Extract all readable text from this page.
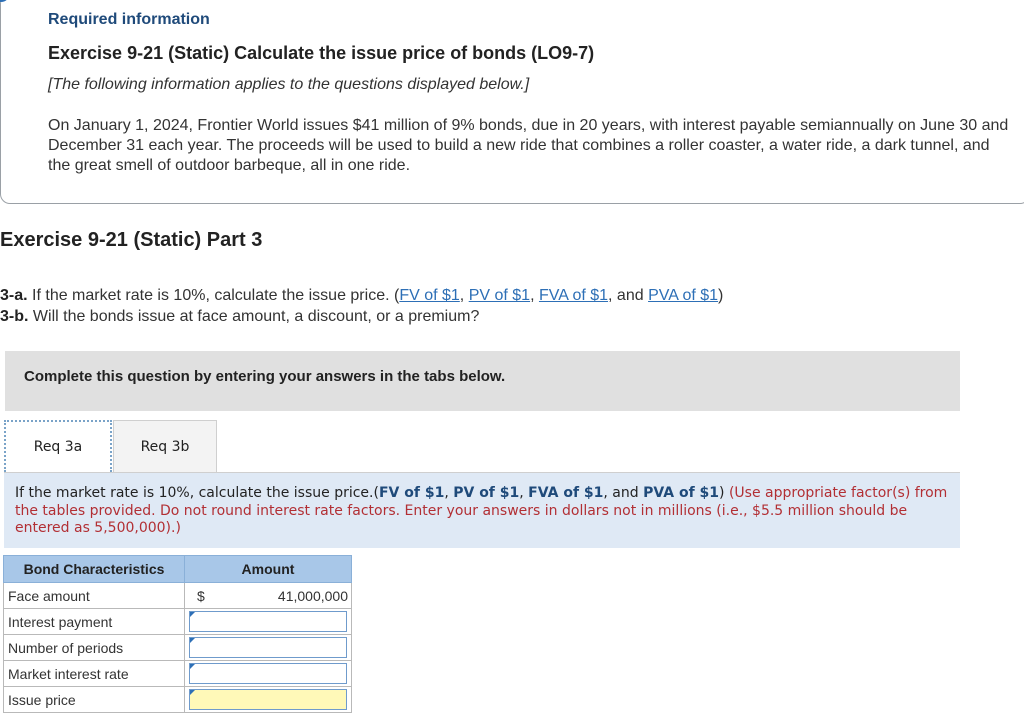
Required information
Exercise 9-21 (Static) Calculate the issue price of bonds (LO9-7)
[The following information applies to the questions displayed below.]
On January 1, 2024, Frontier World issues $41 million of 9% bonds, due in 20 years, with interest payable semiannually on June 30 and December 31 each year. The proceeds will be used to build a new ride that combines a roller coaster, a water ride, a dark tunnel, and the great smell of outdoor barbeque, all in one ride.
Exercise 9-21 (Static) Part 3
3-a. If the market rate is 10%, calculate the issue price. (FV of $1, PV of $1, FVA of $1, and PVA of $1)
3-b. Will the bonds issue at face amount, a discount, or a premium?
Complete this question by entering your answers in the tabs below.
Req 3a	Req 3b
If the market rate is 10%, calculate the issue price.(FV of $1, PV of $1, FVA of $1, and PVA of $1) (Use appropriate factor(s) from the tables provided. Do not round interest rate factors. Enter your answers in dollars not in millions (i.e., $5.5 million should be entered as 5,500,000).)
Bond Characteristics	Amount
Face amount	$ 41,000,000

Interest payment	

Number of periods	

Market interest rate	

Issue price	
